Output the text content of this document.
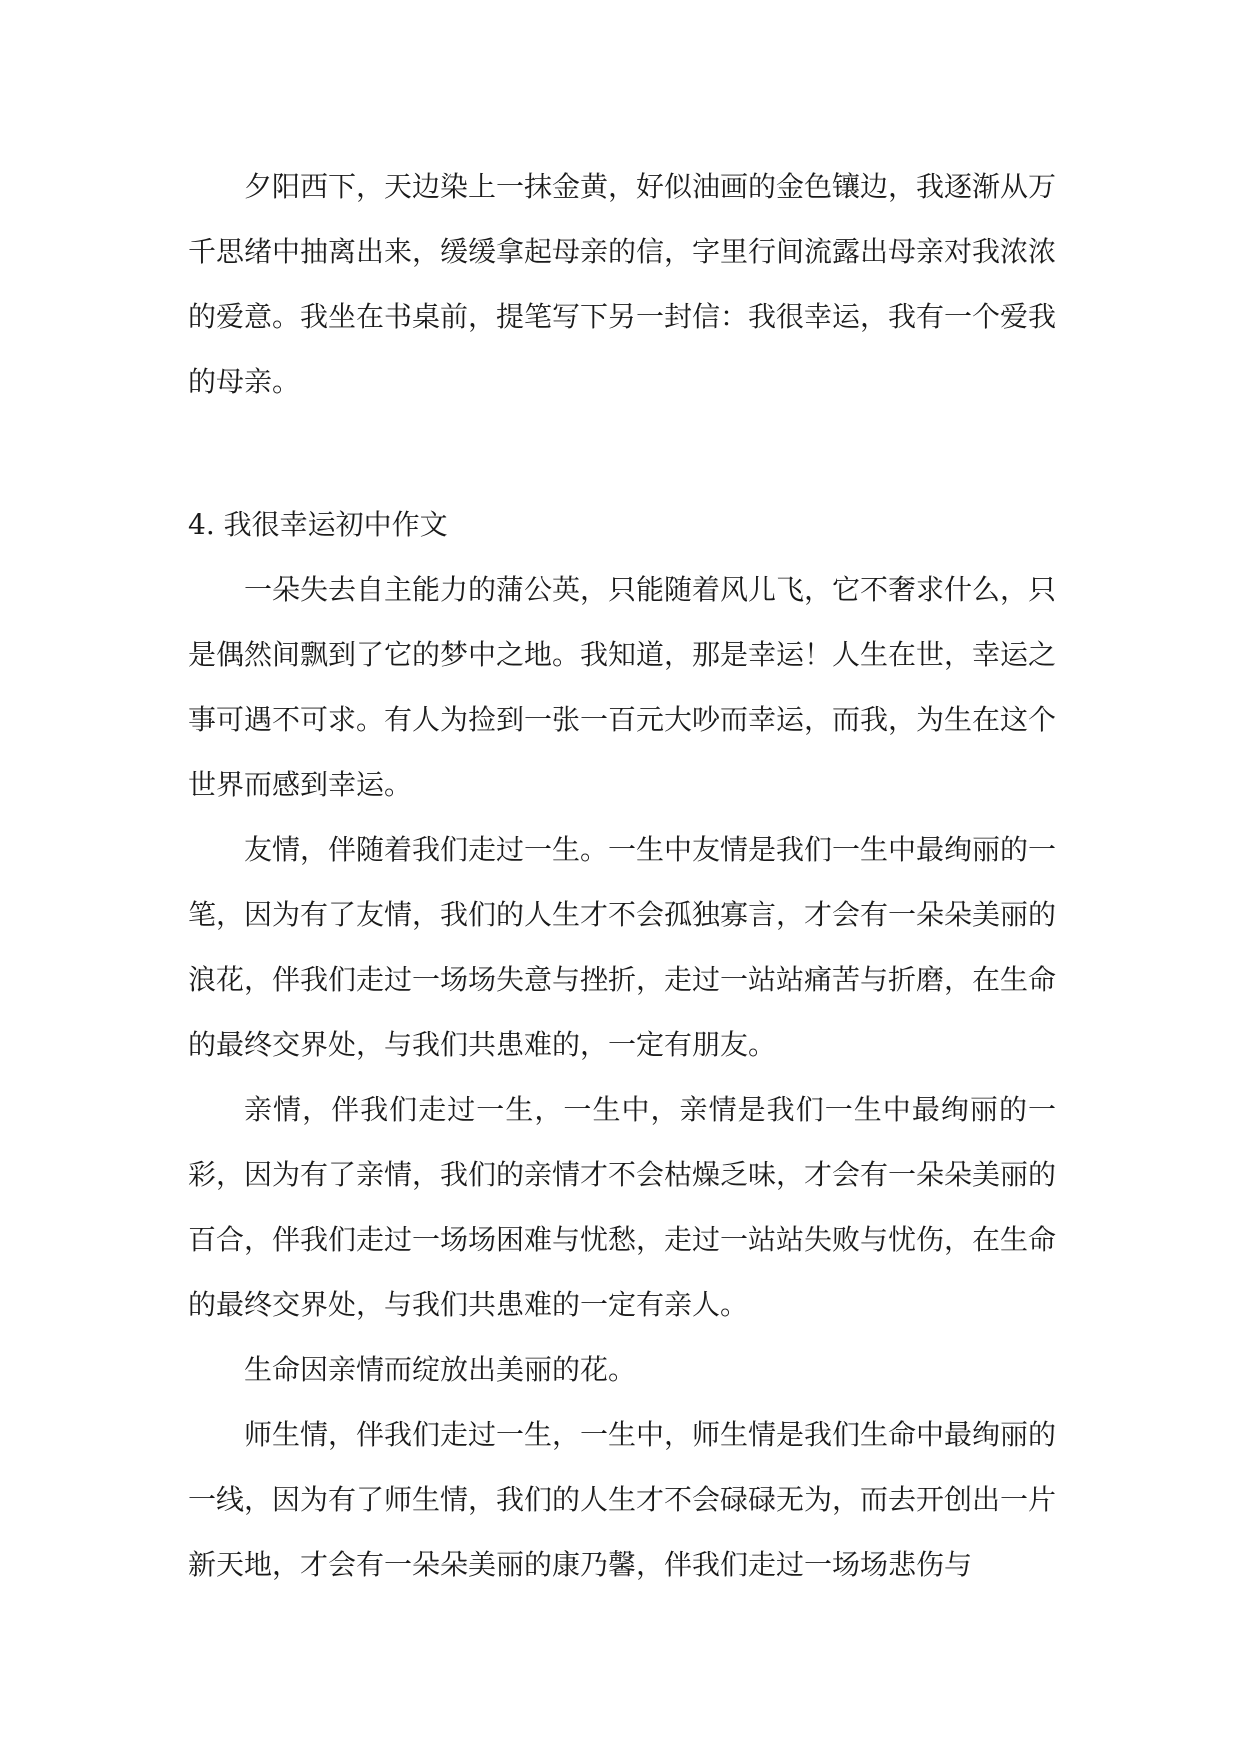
夕阳西下，天边染上一抹金黄，好似油画的金色镶边，我逐渐从万千思绪中抽离出来，缓缓拿起母亲的信，字里行间流露出母亲对我浓浓的爱意。我坐在书桌前，提笔写下另一封信：我很幸运，我有一个爱我的母亲。

4. 我很幸运初中作文

一朵失去自主能力的蒲公英，只能随着风儿飞，它不奢求什么，只是偶然间飘到了它的梦中之地。我知道，那是幸运！人生在世，幸运之事可遇不可求。有人为捡到一张一百元大吵而幸运，而我，为生在这个世界而感到幸运。

友情，伴随着我们走过一生。一生中友情是我们一生中最绚丽的一笔，因为有了友情，我们的人生才不会孤独寡言，才会有一朵朵美丽的浪花，伴我们走过一场场失意与挫折，走过一站站痛苦与折磨，在生命的最终交界处，与我们共患难的，一定有朋友。

亲情，伴我们走过一生，一生中，亲情是我们一生中最绚丽的一彩，因为有了亲情，我们的亲情才不会枯燥乏味，才会有一朵朵美丽的百合，伴我们走过一场场困难与忧愁，走过一站站失败与忧伤，在生命的最终交界处，与我们共患难的一定有亲人。

生命因亲情而绽放出美丽的花。

师生情，伴我们走过一生，一生中，师生情是我们生命中最绚丽的一线，因为有了师生情，我们的人生才不会碌碌无为，而去开创出一片新天地，才会有一朵朵美丽的康乃馨，伴我们走过一场场悲伤与
